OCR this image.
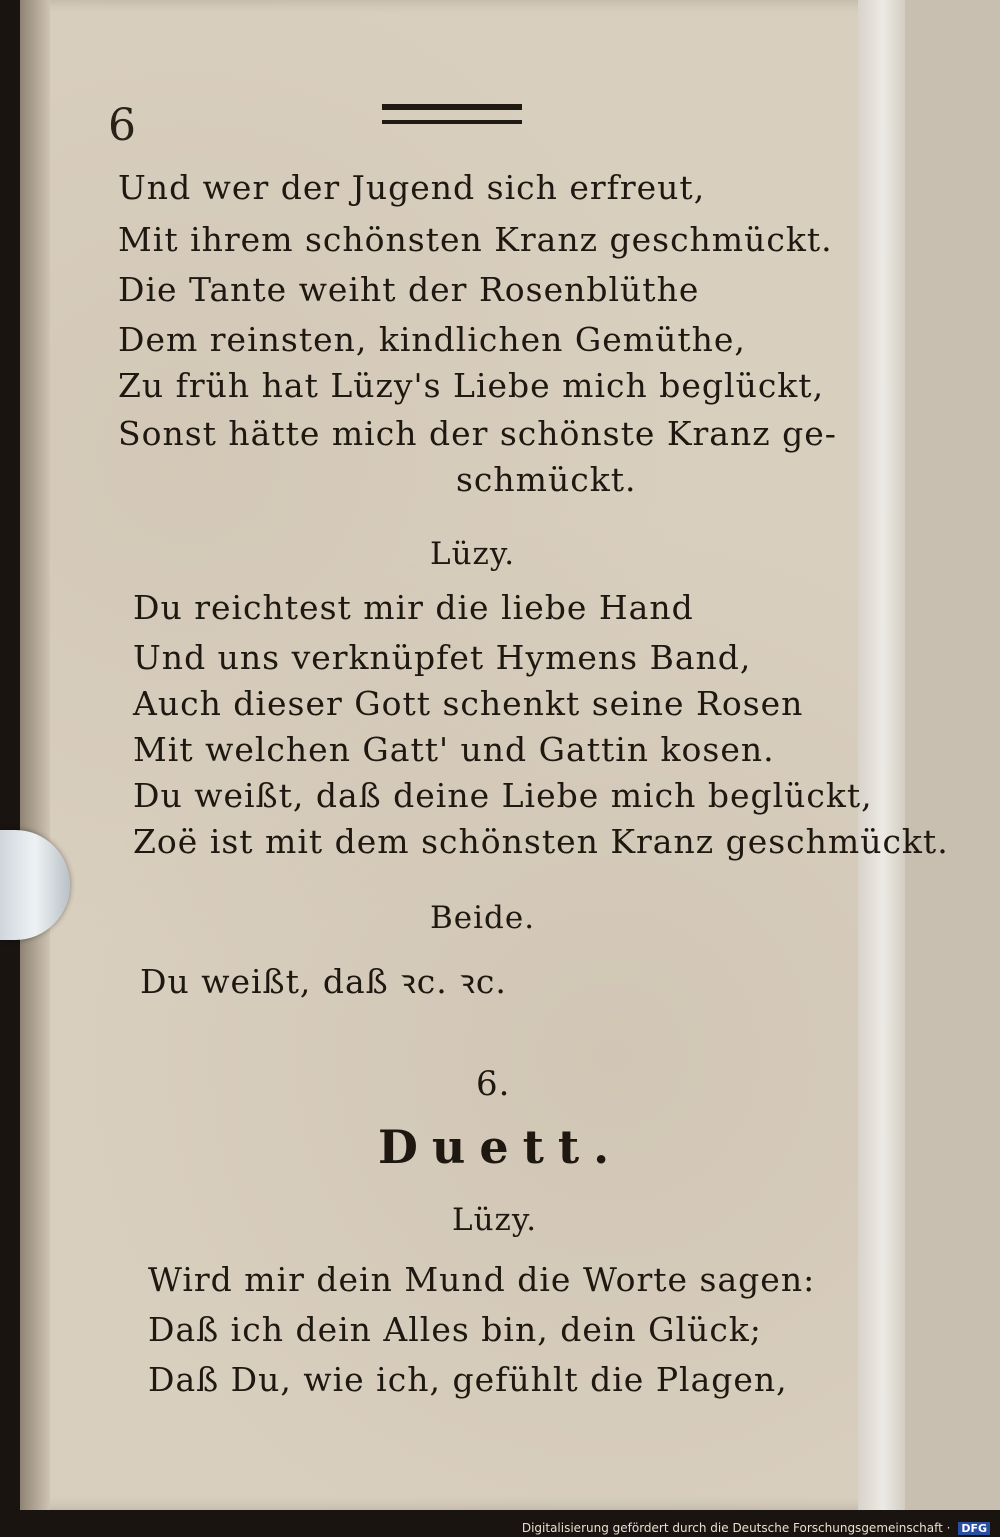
6
Und wer der Jugend sich erfreut,
Mit ihrem schönsten Kranz geschmückt.
Die Tante weiht der Rosenblüthe
Dem reinsten, kindlichen Gemüthe,
Zu früh hat Lüzy's Liebe mich beglückt,
Sonst hätte mich der schönste Kranz ge-
schmückt.
Lüzy.
Du reichtest mir die liebe Hand
Und uns verknüpfet Hymens Band,
Auch dieser Gott schenkt seine Rosen
Mit welchen Gatt' und Gattin kosen.
Du weißt, daß deine Liebe mich beglückt,
Zoë ist mit dem schönsten Kranz geschmückt.
Beide.
Du weißt, daß ꝛc. ꝛc.
6.
Duett.
Lüzy.
Wird mir dein Mund die Worte sagen:
Daß ich dein Alles bin, dein Glück;
Daß Du, wie ich, gefühlt die Plagen,
Digitalisierung gefördert durch die Deutsche Forschungsgemeinschaft · DFG
